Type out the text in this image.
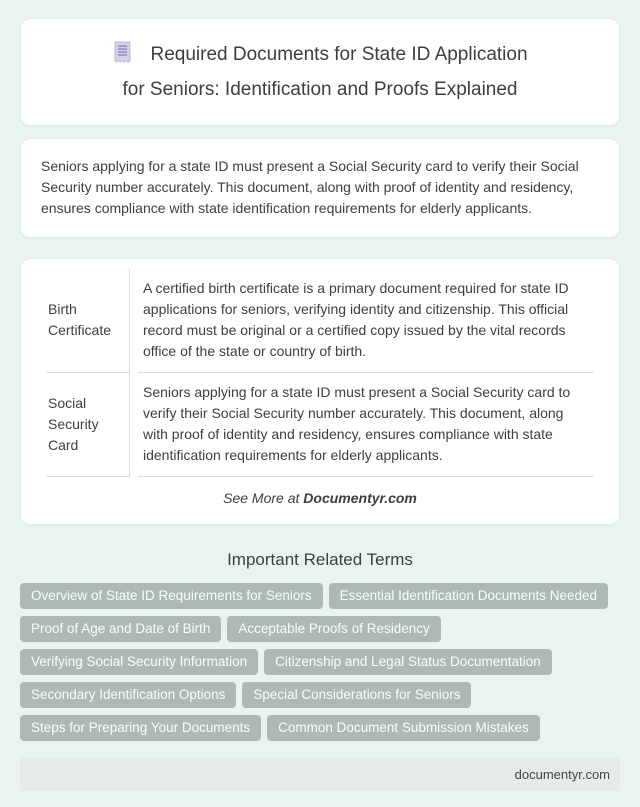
Required Documents for State ID Application
for Seniors: Identification and Proofs Explained

Seniors applying for a state ID must present a Social Security card to verify their Social Security number accurately. This document, along with proof of identity and residency, ensures compliance with state identification requirements for elderly applicants.

Birth Certificate	A certified birth certificate is a primary document required for state ID applications for seniors, verifying identity and citizenship. This official record must be original or a certified copy issued by the vital records office of the state or country of birth.
Social Security Card	Seniors applying for a state ID must present a Social Security card to verify their Social Security number accurately. This document, along with proof of identity and residency, ensures compliance with state identification requirements for elderly applicants.
See More at Documentyr.com
Important Related Terms
Overview of State ID Requirements for Seniors	Essential Identification Documents Needed
Proof of Age and Date of Birth	Acceptable Proofs of Residency
Verifying Social Security Information	Citizenship and Legal Status Documentation
Secondary Identification Options	Special Considerations for Seniors
Steps for Preparing Your Documents	Common Document Submission Mistakes
documentyr.com
